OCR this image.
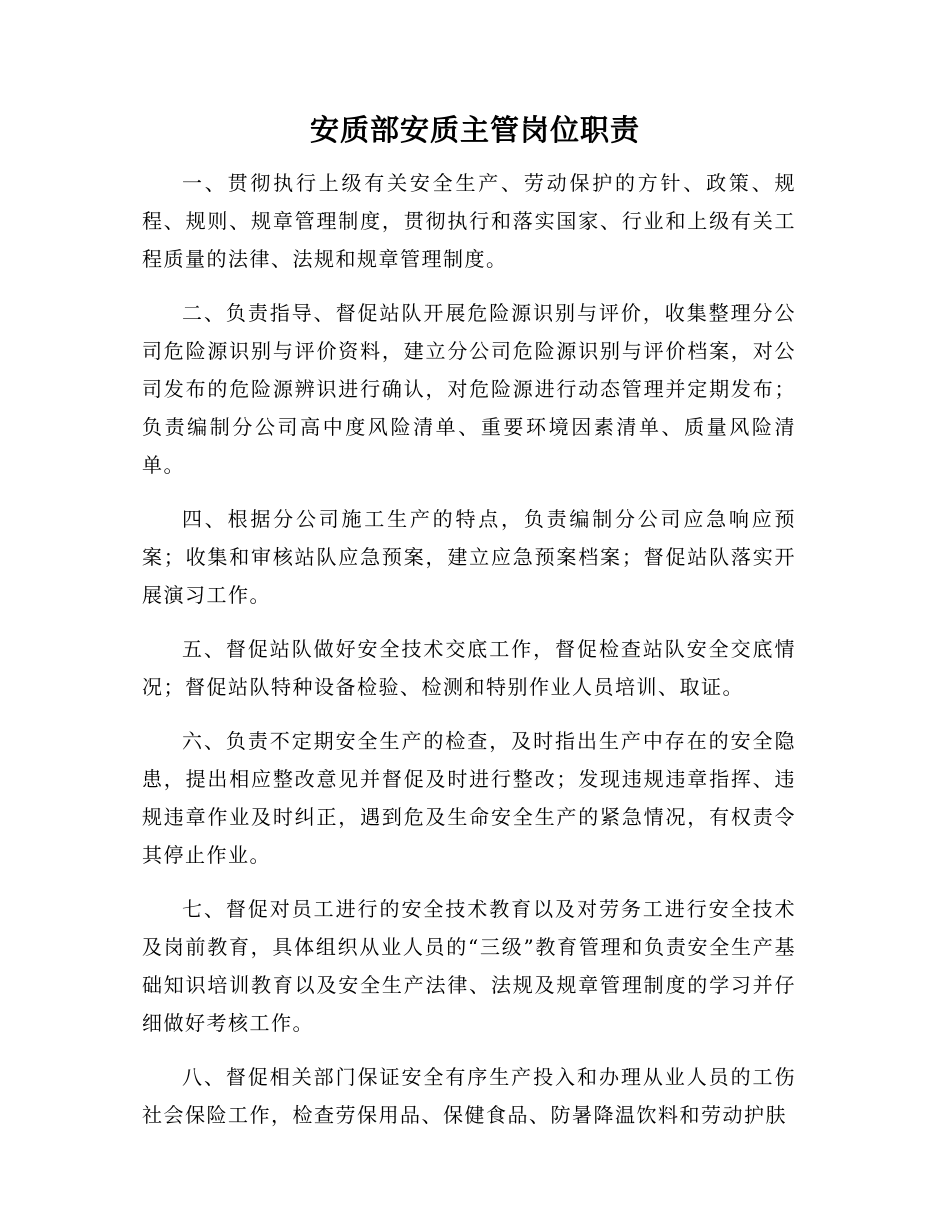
安质部安质主管岗位职责

一、贯彻执行上级有关安全生产、劳动保护的方针、政策、规程、规则、规章管理制度，贯彻执行和落实国家、行业和上级有关工程质量的法律、法规和规章管理制度。

二、负责指导、督促站队开展危险源识别与评价，收集整理分公司危险源识别与评价资料，建立分公司危险源识别与评价档案，对公司发布的危险源辨识进行确认，对危险源进行动态管理并定期发布；负责编制分公司高中度风险清单、重要环境因素清单、质量风险清单。

四、根据分公司施工生产的特点，负责编制分公司应急响应预案；收集和审核站队应急预案，建立应急预案档案；督促站队落实开展演习工作。

五、督促站队做好安全技术交底工作，督促检查站队安全交底情况；督促站队特种设备检验、检测和特别作业人员培训、取证。

六、负责不定期安全生产的检查，及时指出生产中存在的安全隐患，提出相应整改意见并督促及时进行整改；发现违规违章指挥、违规违章作业及时纠正，遇到危及生命安全生产的紧急情况，有权责令其停止作业。

七、督促对员工进行的安全技术教育以及对劳务工进行安全技术及岗前教育，具体组织从业人员的“三级”教育管理和负责安全生产基础知识培训教育以及安全生产法律、法规及规章管理制度的学习并仔细做好考核工作。

八、督促相关部门保证安全有序生产投入和办理从业人员的工伤社会保险工作，检查劳保用品、保健食品、防暑降温饮料和劳动护肤
